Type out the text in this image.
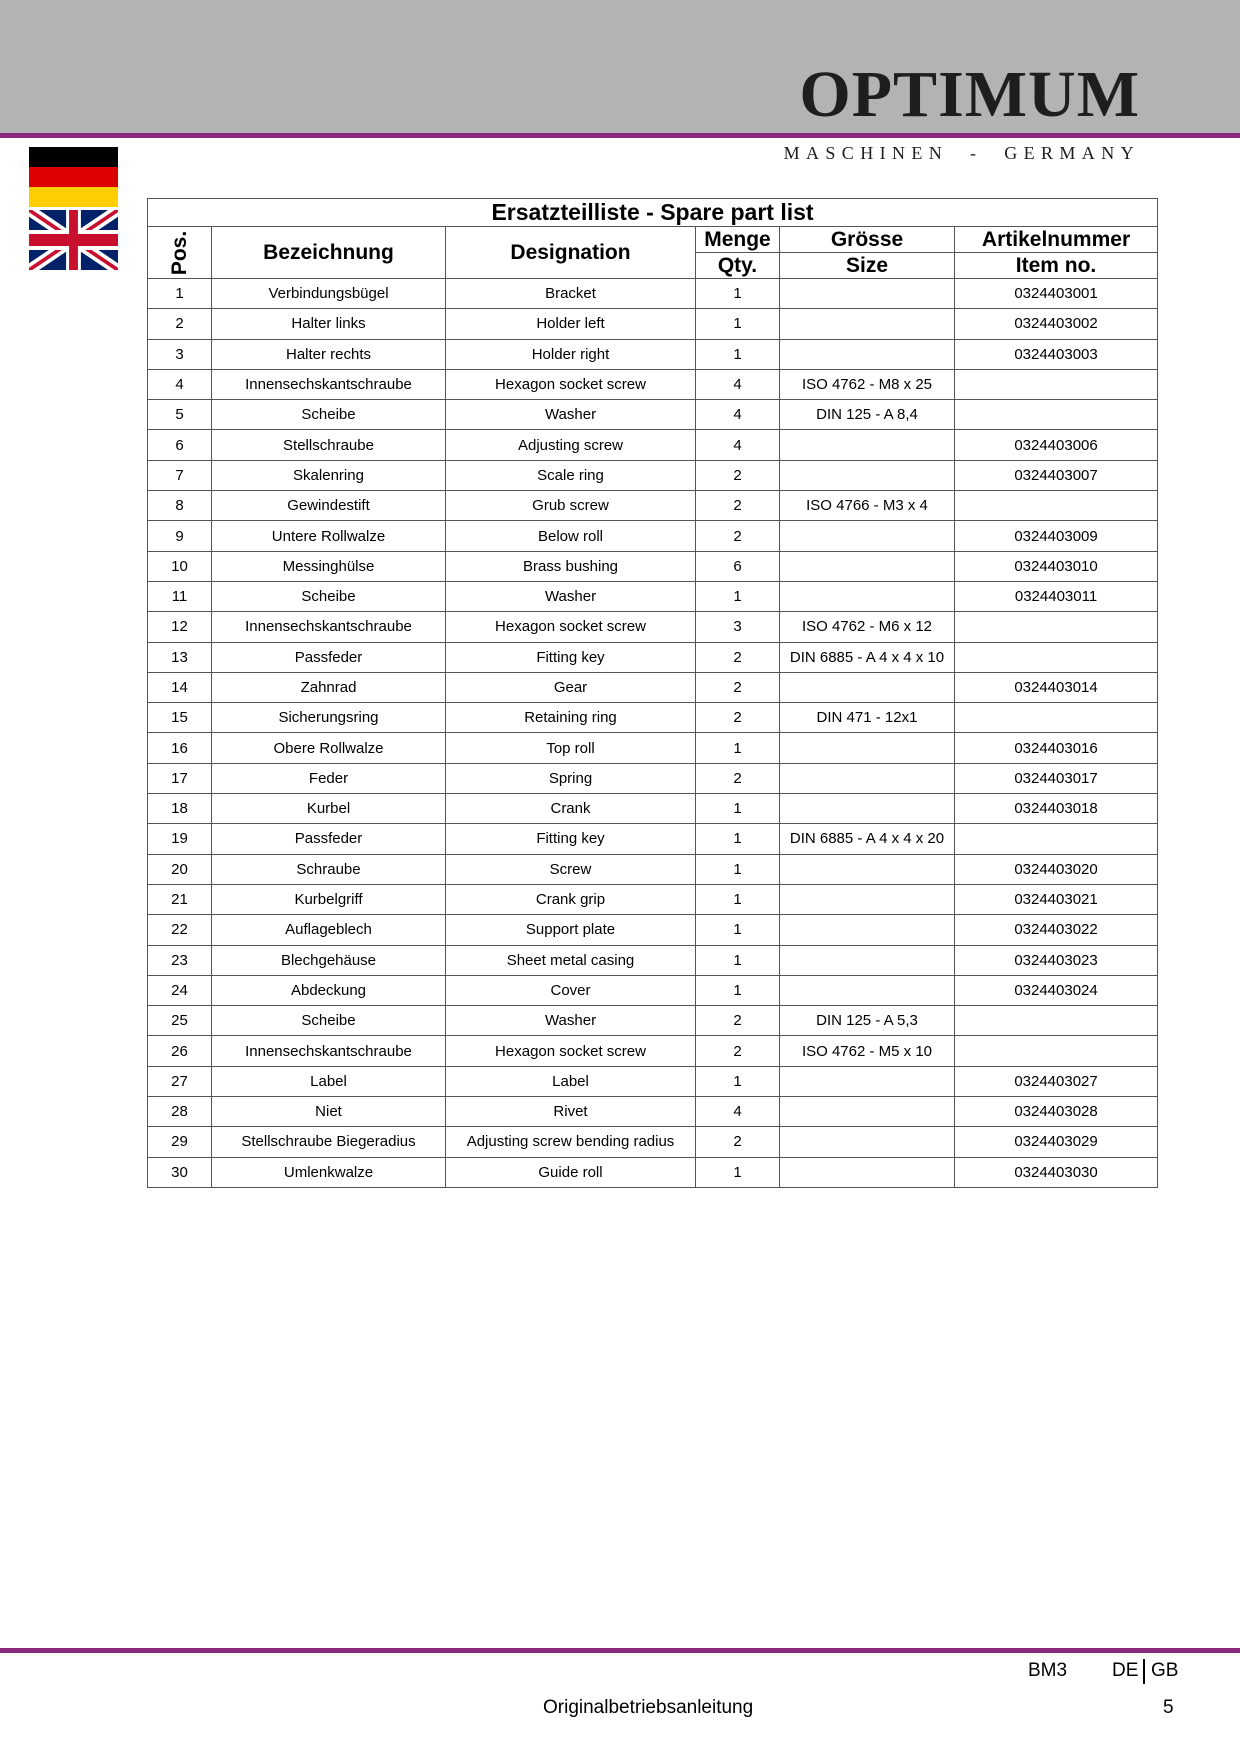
OPTIMUM
MASCHINEN  -  GERMANY
Ersatzteilliste - Spare part list					

Pos.	Bezeichnung	Designation	Menge	Grösse	Artikelnummer
			Qty.	Size	Item no.
1	Verbindungsbügel	Bracket	1		0324403001
2	Halter links	Holder left	1		0324403002
3	Halter rechts	Holder right	1		0324403003
4	Innensechskantschraube	Hexagon socket screw	4	ISO 4762 - M8 x 25	
5	Scheibe	Washer	4	DIN 125 - A 8,4	
6	Stellschraube	Adjusting screw	4		0324403006
7	Skalenring	Scale ring	2		0324403007
8	Gewindestift	Grub screw	2	ISO 4766 - M3 x 4	
9	Untere Rollwalze	Below roll	2		0324403009
10	Messinghülse	Brass bushing	6		0324403010
11	Scheibe	Washer	1		0324403011
12	Innensechskantschraube	Hexagon socket screw	3	ISO 4762 - M6 x 12	
13	Passfeder	Fitting key	2	DIN 6885 - A 4 x 4 x 10	
14	Zahnrad	Gear	2		0324403014
15	Sicherungsring	Retaining ring	2	DIN 471 - 12x1	
16	Obere Rollwalze	Top roll	1		0324403016
17	Feder	Spring	2		0324403017
18	Kurbel	Crank	1		0324403018
19	Passfeder	Fitting key	1	DIN 6885 - A 4 x 4 x 20	
20	Schraube	Screw	1		0324403020
21	Kurbelgriff	Crank grip	1		0324403021
22	Auflageblech	Support plate	1		0324403022
23	Blechgehäuse	Sheet metal casing	1		0324403023
24	Abdeckung	Cover	1		0324403024
25	Scheibe	Washer	2	DIN 125 - A 5,3	
26	Innensechskantschraube	Hexagon socket screw	2	ISO 4762 - M5 x 10	
27	Label	Label	1		0324403027
28	Niet	Rivet	4		0324403028
29	Stellschraube Biegeradius	Adjusting screw bending radius	2		0324403029
30	Umlenkwalze	Guide roll	1		0324403030
BM3 DE GB
Originalbetriebsanleitung	5
